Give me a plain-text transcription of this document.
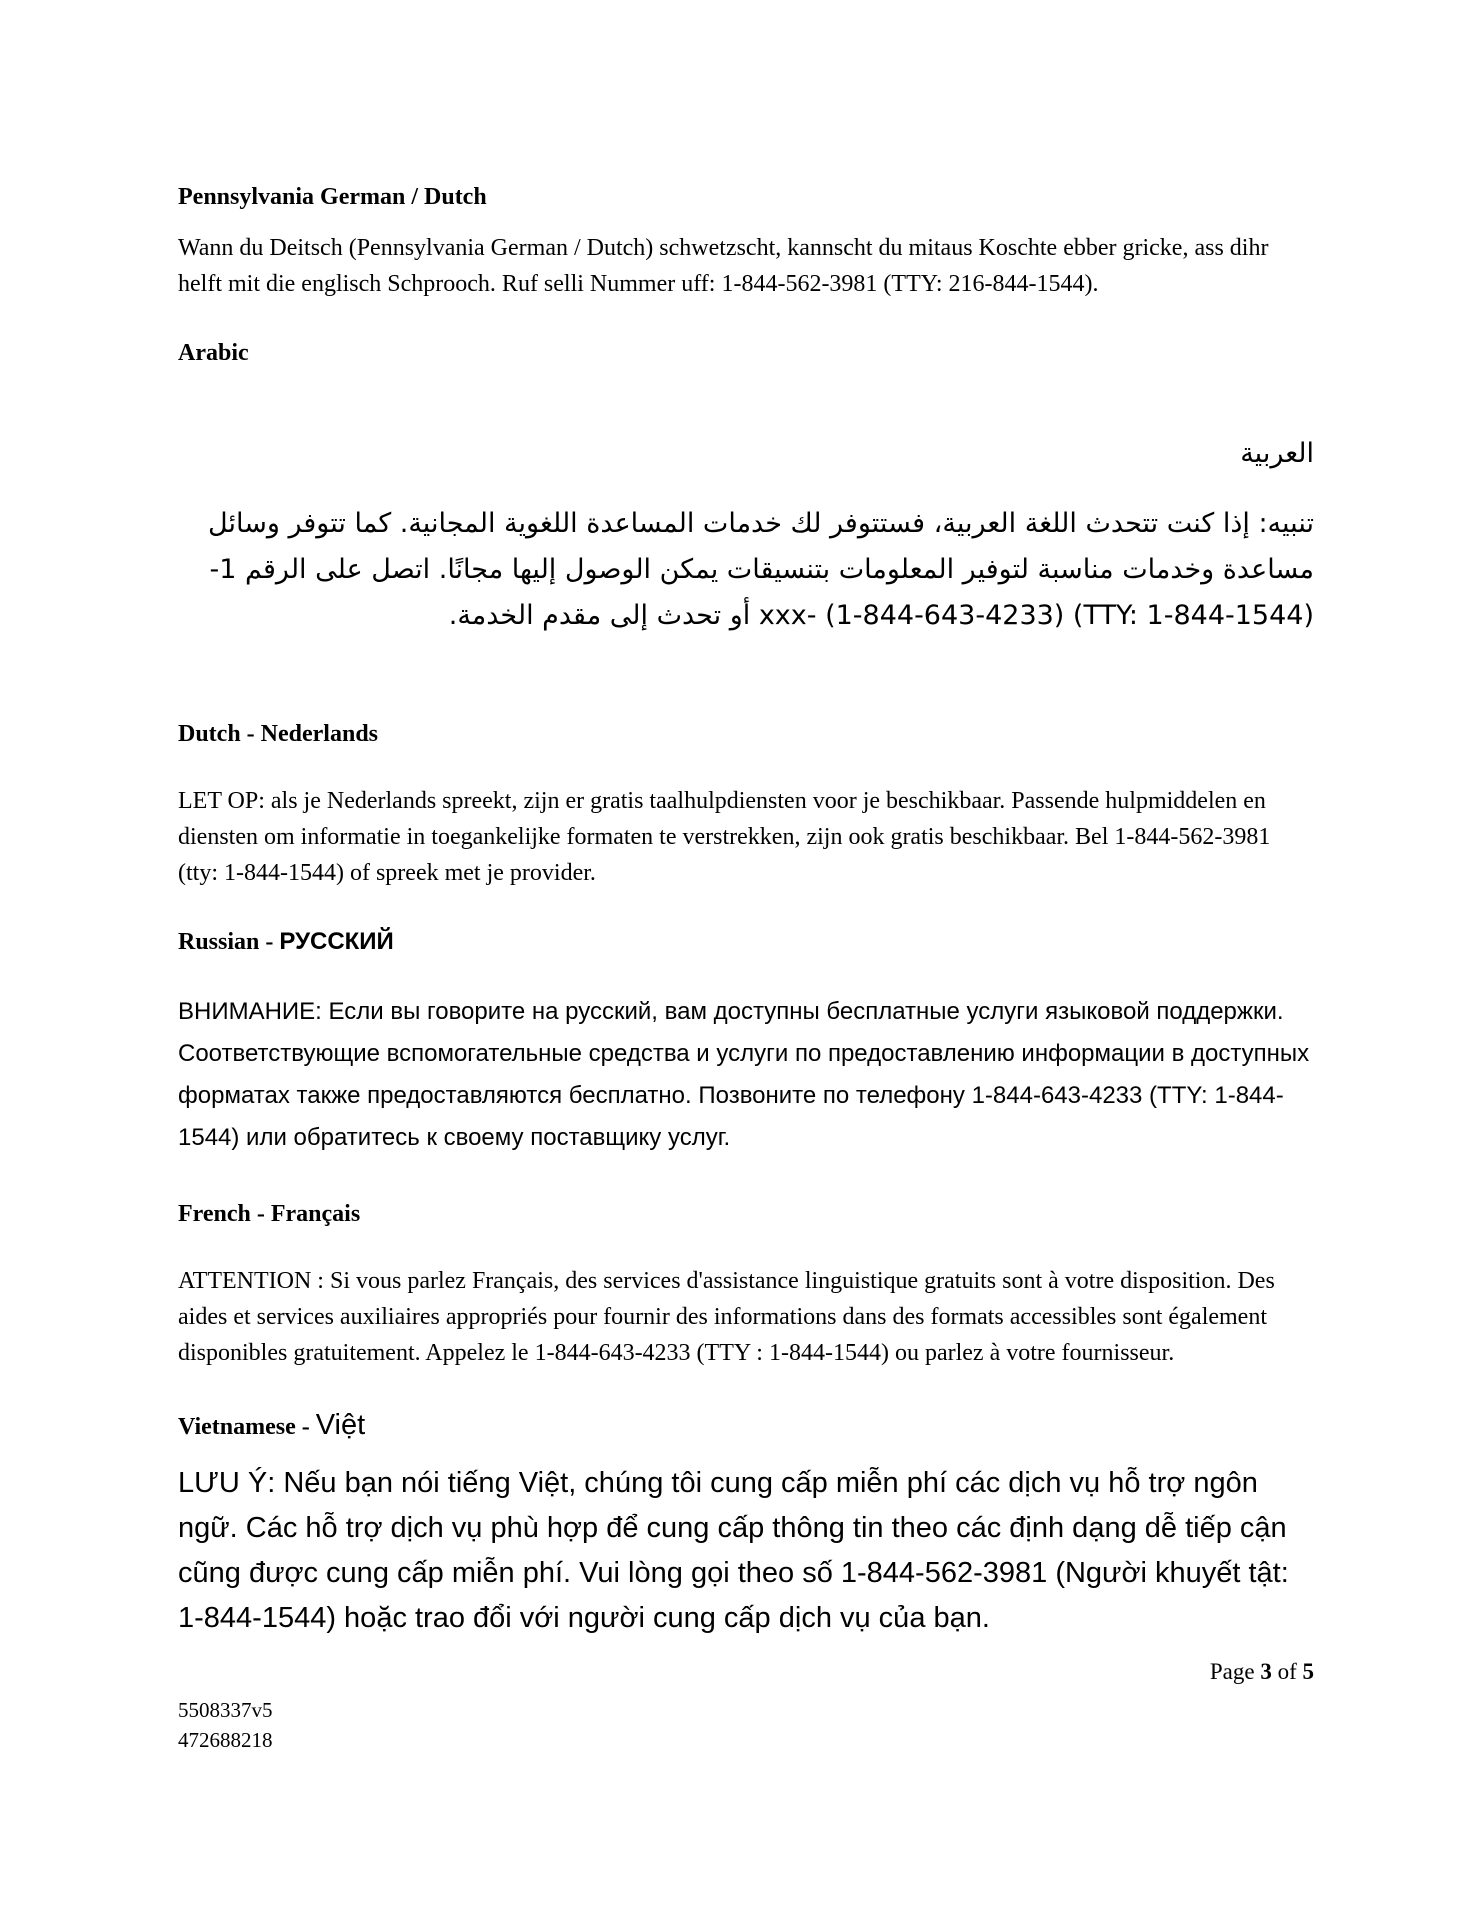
Pennsylvania German / Dutch

Wann du Deitsch (Pennsylvania German / Dutch) schwetzscht, kannscht du mitaus Koschte ebber gricke, ass dihr helft mit die englisch Schprooch. Ruf selli Nummer uff: 1-844-562-3981 (TTY: 216-844-1544).

Arabic

العربية

تنبيه: إذا كنت تتحدث اللغة العربية، فستتوفر لك خدمات المساعدة اللغوية المجانية. كما تتوفر وسائل مساعدة وخدمات مناسبة لتوفير المعلومات بتنسيقات يمكن الوصول إليها مجانًا. اتصل على الرقم 1-xxx- (1-844-643-4233) (TTY: 1-844-1544) أو تحدث إلى مقدم الخدمة.

Dutch - Nederlands

LET OP: als je Nederlands spreekt, zijn er gratis taalhulpdiensten voor je beschikbaar. Passende hulpmiddelen en diensten om informatie in toegankelijke formaten te verstrekken, zijn ook gratis beschikbaar. Bel 1-844-562-3981 (tty: 1-844-1544) of spreek met je provider.

Russian - РУССКИЙ

ВНИМАНИЕ: Если вы говорите на русский, вам доступны бесплатные услуги языковой поддержки. Соответствующие вспомогательные средства и услуги по предоставлению информации в доступных форматах также предоставляются бесплатно. Позвоните по телефону 1-844-643-4233 (TTY: 1-844-1544) или обратитесь к своему поставщику услуг.

French - Français

ATTENTION : Si vous parlez Français, des services d'assistance linguistique gratuits sont à votre disposition. Des aides et services auxiliaires appropriés pour fournir des informations dans des formats accessibles sont également disponibles gratuitement. Appelez le 1-844-643-4233 (TTY : 1-844-1544) ou parlez à votre fournisseur.

Vietnamese - Việt

LƯU Ý: Nếu bạn nói tiếng Việt, chúng tôi cung cấp miễn phí các dịch vụ hỗ trợ ngôn ngữ. Các hỗ trợ dịch vụ phù hợp để cung cấp thông tin theo các định dạng dễ tiếp cận cũng được cung cấp miễn phí. Vui lòng gọi theo số 1-844-562-3981 (Người khuyết tật: 1-844-1544) hoặc trao đổi với người cung cấp dịch vụ của bạn.

Page 3 of 5
5508337v5
472688218
